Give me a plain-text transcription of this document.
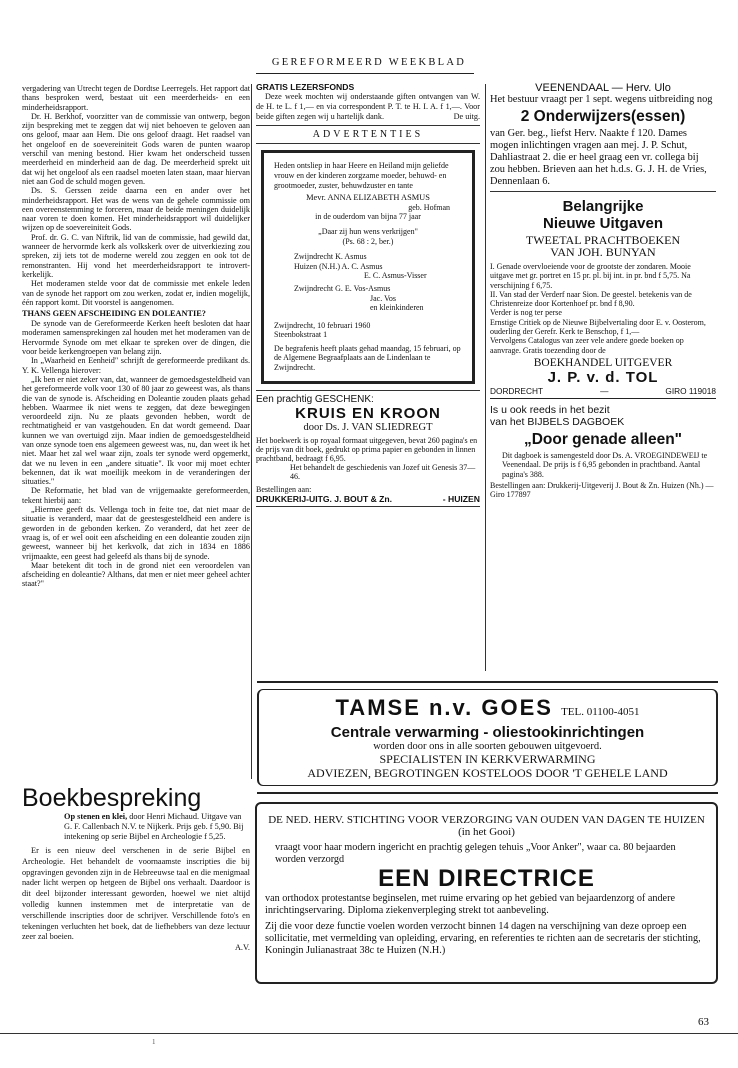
GEREFORMEERD WEEKBLAD

vergadering van Utrecht tegen de Dordtse Leerregels. Het rapport dat thans besproken werd, bestaat uit een meerderheids- en een minderheidsrapport.

Dr. H. Berkhof, voorzitter van de commissie van ontwerp, begon zijn bespreking met te zeggen dat wij niet behoeven te geloven aan ons geloof, maar aan Hem. Die ons geloof draagt. Het raadsel van het ongeloof en de soevereiniteit Gods waren de punten waarop verschil van mening bestond. Hier kwam het onderscheid tussen meerderheid en minderheid aan de dag. De meerderheid sprekt uit dat wij het ongeloof als een raadsel moeten laten staan, maar hiervan niet aan God de schuld mogen geven.

Ds. S. Gerssen zeide daarna een en ander over het minderheidsrapport. Het was de wens van de gehele commissie om een overeenstemming te forceren, maar de beide meningen duidelijk naar voren te doen komen. Het minderheidsrapport wil duidelijker wijzen op de soevereiniteit Gods.

Prof. dr. G. C. van Niftrik, lid van de commissie, had gewild dat, wanneer de hervormde kerk als volkskerk over de uitverkiezing zou spreken, zij iets tot de moderne wereld zou zeggen en ook tot de remonstranten. Hij vond het meerderheidsrapport te introvert-kerkelijk.

Het moderamen stelde voor dat de commissie met enkele leden van de synode het rapport om zou werken, zodat er, indien mogelijk, één rapport komt. Dit voorstel is aangenomen.

THANS GEEN AFSCHEIDING EN DOLEANTIE?

De synode van de Gereformeerde Kerken heeft besloten dat haar moderamen samensprekingen zal houden met het moderamen van de Hervormde Synode om met elkaar te spreken over de dingen, die voor beide kerkengroepen van belang zijn.

In „Waarheid en Eenheid" schrijft de gereformeerde predikant ds. Y. K. Vellenga hierover:

„Ik ben er niet zeker van, dat, wanneer de gemoedsgesteldheid van het gereformeerde volk voor 130 of 80 jaar zo geweest was, als thans die van de synode is. Afscheiding en Doleantie zouden plaats gehad hebben. Waarmee ik niet wens te zeggen, dat deze bewegingen veroordeeld zijn. Nu ze plaats gevonden hebben, wordt de rechtmatigheid er van vastgehouden. En dat wordt gemeend. Daar kunnen we van overtuigd zijn. Maar indien de gemoedsgesteldheid van onze synode toen ens algemeen geweest was, nu, dan weet ik het niet. Maar het zal wel waar zijn, zoals ter synode werd opgemerkt, dat we nu leven in een „andere situatie". Ik voor mij moet echter bekennen, dat ik wat moeilijk meekom in de veranderingen der situaties."

De Reformatie, het blad van de vrijgemaakte gereformeerden, tekent hierbij aan:

„Hiermee geeft ds. Vellenga toch in feite toe, dat niet maar de situatie is veranderd, maar dat de geestesgesteldheid een andere is geworden in de gebonden kerken. Zo veranderd, dat het zeer de vraag is, of er wel ooit een afscheiding en een doleantie zouden zijn geweest, wanneer bij het kerkvolk, dat zich in 1834 en 1886 vrijmaakte, een geest had geleefd als thans bij de synode.

Maar betekent dit toch in de grond niet een veroordelen van afscheiding en doleantie? Althans, dat men er niet meer geheel achter staat?"

Boekbespreking
Op stenen en klei, door Henri Michaud. Uitgave van G. F. Callenbach N.V. te Nijkerk. Prijs geb. f 5,90. Bij intekening op serie Bijbel en Archeologie f 5,25.

Er is een nieuw deel verschenen in de serie Bijbel en Archeologie. Het behandelt de voornaamste inscripties die bij opgravingen gevonden zijn in de Hebreeuwse taal en die menigmaal nader licht werpen op hetgeen de Bijbel ons verhaalt. Daardoor is dit deel bijzonder interessant geworden, hoewel we niet altijd volledig kunnen instemmen met de interpretatie van de verschillende inscripties door de schrijver. Verschillende foto's en tekeningen verluchten het boek, dat de liefhebbers van deze lectuur zeer zal boeien.

A.V.
GRATIS LEZERSFONDS
Deze week mochten wij onderstaande giften ontvangen van W. de H. te L. f 1,— en via correspondent P. T. te H. I. A. f 1,—. Voor beide giften zegen wij u hartelijk dank.	De uitg.
ADVERTENTIES
Heden ontsliep in haar Heere en Heiland mijn geliefde vrouw en der kinderen zorgzame moeder, behuwd- en grootmoeder, zuster, behuwdzuster en tante
Mevr. ANNA ELIZABETH ASMUS
geb. Hofman
in de ouderdom van bijna 77 jaar
„Daar zij hun wens verkrijgen"
(Ps. 68 : 2, ber.)
Zwijndrecht K. Asmus
Huizen (N.H.) A. C. Asmus
E. C. Asmus-Visser
Zwijndrecht G. E. Vos-Asmus
Jac. Vos
en kleinkinderen
Zwijndrecht, 10 februari 1960
Steenbokstraat 1
De begrafenis heeft plaats gehad maandag, 15 februari, op de Algemene Begraafplaats aan de Lindenlaan te Zwijndrecht.
Een prachtig GESCHENK:
KRUIS EN KROON
door Ds. J. VAN SLIEDREGT
Het boekwerk is op royaal formaat uitgegeven, bevat 260 pagina's en de prijs van dit boek, gedrukt op prima papier en gebonden in linnen prachtband, bedraagt f 6,95.
Het behandelt de geschiedenis van Jozef uit Genesis 37—46.
Bestellingen aan:
DRUKKERIJ-UITG. J. BOUT & Zn.	- HUIZEN
VEENENDAAL — Herv. Ulo
Het bestuur vraagt per 1 sept. wegens uitbreiding nog
2 Onderwijzers(essen)
van Ger. beg., liefst Herv. Naakte f 120. Dames mogen inlichtingen vragen aan mej. J. P. Schut, Dahliastraat 2. die er heel graag een vr. collega bij zou hebben. Brieven aan het h.d.s. G. J. H. de Vries, Dennenlaan 6.
Belangrijke
Nieuwe Uitgaven
TWEETAL PRACHTBOEKEN
VAN JOH. BUNYAN
I. Genade overvloeiende voor de grootste der zondaren. Mooie uitgave met gr. portret en 15 pr. pl. bij int. in pr. bnd f 5,75. Na verschijning f 6,75.
II. Van stad der Verderf naar Sion. De geestel. betekenis van de Christenreize door Kortenhoef pr. bnd f 8,90.
Verder is nog ter perse
Ernstige Critiek op de Nieuwe Bijbelvertaling door E. v. Oosterom, ouderling der Gerefr. Kerk te Benschop, f 1,—
Vervolgens Catalogus van zeer vele andere goede boeken op aanvrage. Gratis toezending door de
BOEKHANDEL UITGEVER
J. P. v. d. TOL
DORDRECHT	—	GIRO 119018
Is u ook reeds in het bezit
van het BIJBELS DAGBOEK
„Door genade alleen"
Dit dagboek is samengesteld door Ds. A. VROEGINDEWEIJ te Veenendaal. De prijs is f 6,95 gebonden in prachtband. Aantal pagina's 388.
Bestellingen aan: Drukkerij-Uitgeverij J. Bout & Zn. Huizen (Nh.) — Giro 177897
TAMSE n.v. GOES TEL. 01100-4051
Centrale verwarming - oliestookinrichtingen
worden door ons in alle soorten gebouwen uitgevoerd.
SPECIALISTEN IN KERKVERWARMING
ADVIEZEN, BEGROTINGEN KOSTELOOS DOOR 'T GEHELE LAND
DE NED. HERV. STICHTING VOOR VERZORGING VAN OUDEN VAN DAGEN TE HUIZEN (in het Gooi)
vraagt voor haar modern ingericht en prachtig gelegen tehuis „Voor Anker", waar ca. 80 bejaarden worden verzorgd
EEN DIRECTRICE
van orthodox protestantse beginselen, met ruime ervaring op het gebied van bejaardenzorg of andere inrichtingservaring. Diploma ziekenverpleging strekt tot aanbeveling.
Zij die voor deze functie voelen worden verzocht binnen 14 dagen na verschijning van deze oproep een sollicitatie, met vermelding van opleiding, ervaring, en referenties te richten aan de secretaris der stichting, Koningin Julianastraat 38c te Huizen (N.H.)
63
1
